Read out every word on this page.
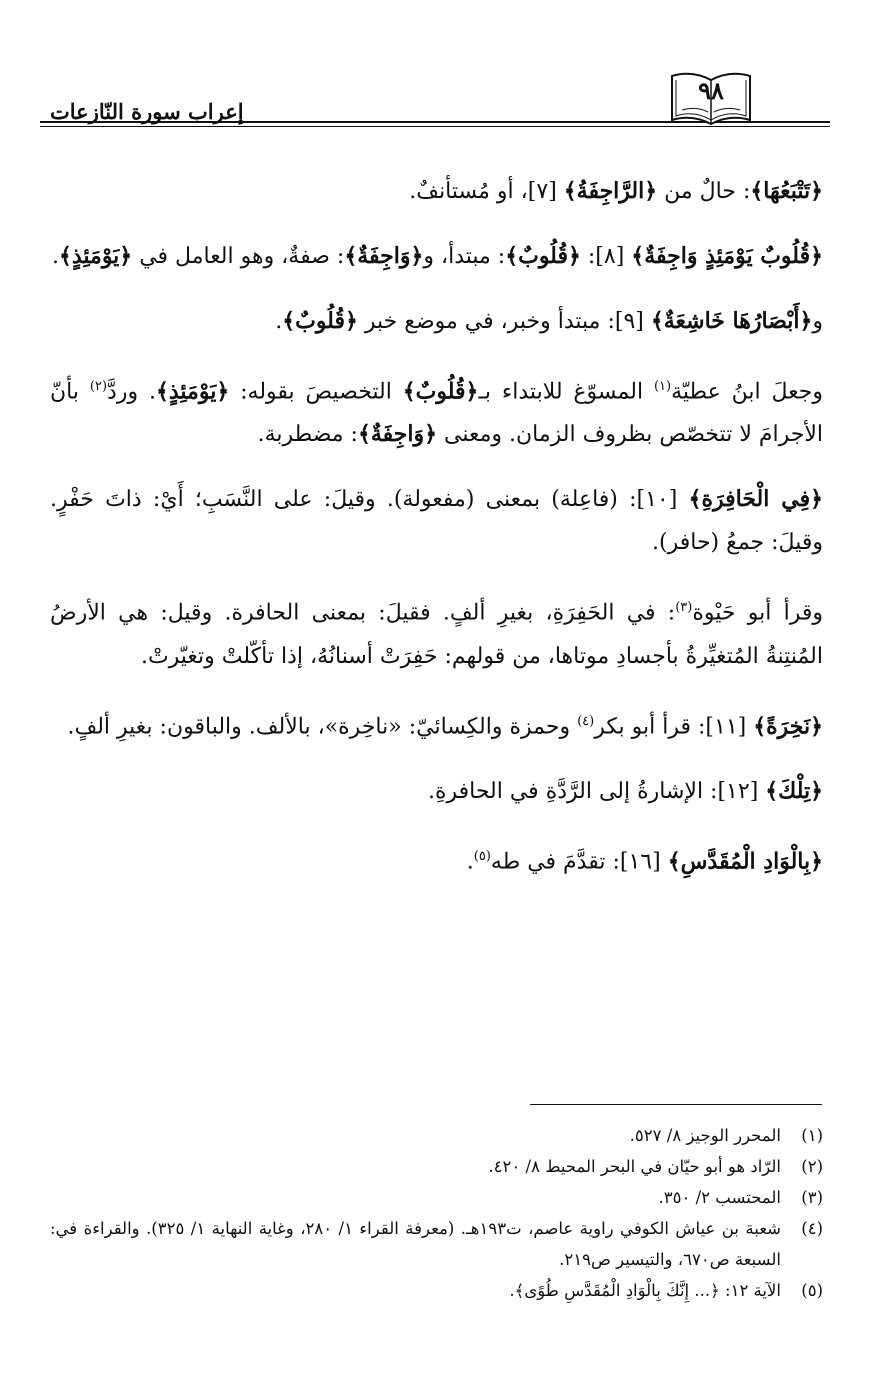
إعراب سورة النّازعات
٩٨

﴿تَتْبَعُهَا﴾: حالٌ من ﴿الرَّاجِفَةُ﴾ [٧]، أو مُستأنفٌ.

﴿قُلُوبٌ يَوْمَئِذٍ وَاجِفَةٌ﴾ [٨]: ﴿قُلُوبٌ﴾: مبتدأ، و﴿وَاجِفَةٌ﴾: صفةٌ، وهو العامل في ﴿يَوْمَئِذٍ﴾.

و﴿أَبْصَارُهَا خَاشِعَةٌ﴾ [٩]: مبتدأ وخبر، في موضع خبر ﴿قُلُوبٌ﴾.

وجعلَ ابنُ عطيّة$^{(١)}$ المسوّغ للابتداء بـ﴿قُلُوبٌ﴾ التخصيصَ بقوله: ﴿يَوْمَئِذٍ﴾. وردَّ$^{(٢)}$ بأنّ الأجرامَ لا تتخصّص بظروف الزمان. ومعنى ﴿وَاجِفَةٌ﴾: مضطربة.

﴿فِي الْحَافِرَةِ﴾ [١٠]: (فاعِلة) بمعنى (مفعولة). وقيلَ: على النَّسَبِ؛ أَيْ: ذاتَ حَفْرٍ. وقيلَ: جمعُ (حافر).

وقرأ أبو حَيْوة$^{(٣)}$: في الحَفِرَةِ، بغيرِ ألفٍ. فقيلَ: بمعنى الحافرة. وقيل: هي الأرضُ المُنتِنةُ المُتغيِّرةُ بأجسادِ موتاها، من قولهم: حَفِرَتْ أسنانُهُ، إذا تأكّلتْ وتغيّرتْ.

﴿نَخِرَةً﴾ [١١]: قرأ أبو بكر$^{(٤)}$ وحمزة والكِسائيّ: «ناخِرة»، بالألف. والباقون: بغيرِ ألفٍ.

﴿تِلْكَ﴾ [١٢]: الإشارةُ إلى الرَّدَّةِ في الحافرةِ.

﴿بِالْوَادِ الْمُقَدَّسِ﴾ [١٦]: تقدَّمَ في طه$^{(٥)}$.

(١)
المحرر الوجيز ٨/ ٥٢٧.
(٢)
الرّاد هو أبو حيّان في البحر المحيط ٨/ ٤٢٠.
(٣)
المحتسب ٢/ ٣٥٠.
(٤)
شعبة بن عياش الكوفي راوية عاصم، ت١٩٣هـ. (معرفة القراء ١/ ٢٨٠، وغاية النهاية ١/ ٣٢٥). والقراءة في: السبعة ص٦٧٠، والتيسير ص٢١٩.
(٥)
الآية ١٢: ﴿... إِنَّكَ بِالْوَادِ الْمُقَدَّسِ طُوًى﴾.
